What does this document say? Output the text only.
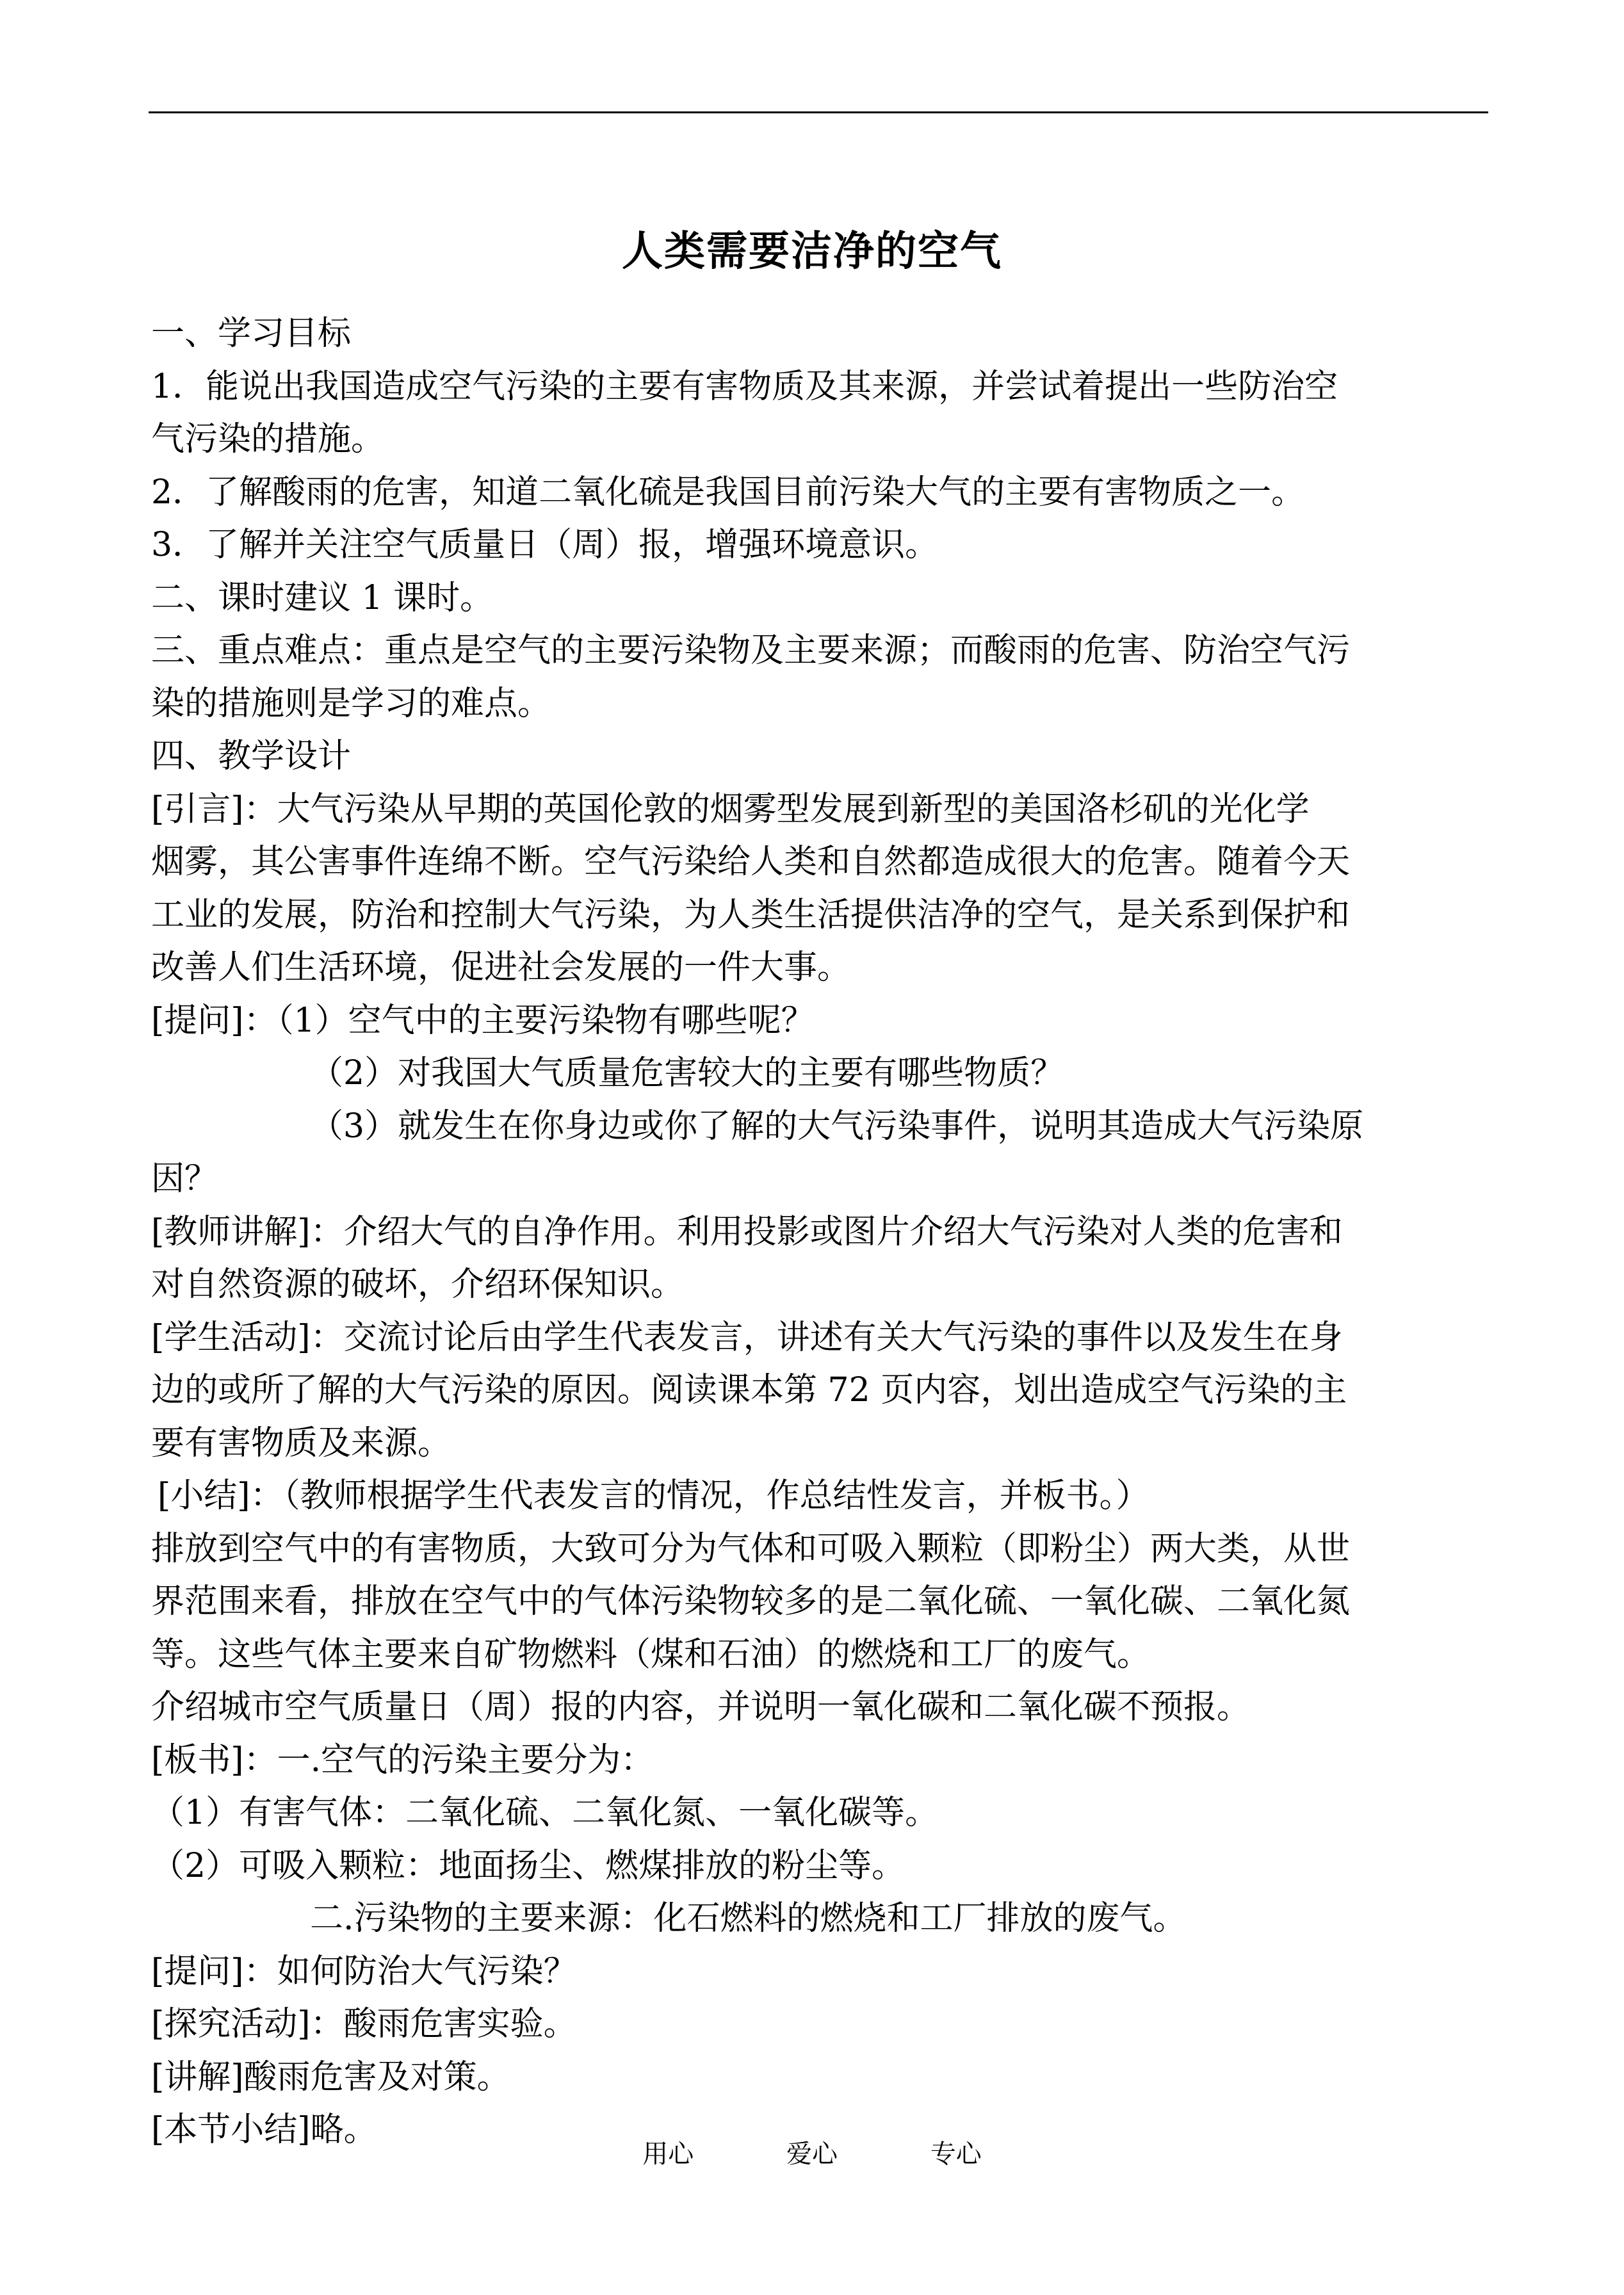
人类需要洁净的空气

一、学习目标

1．能说出我国造成空气污染的主要有害物质及其来源，并尝试着提出一些防治空

气污染的措施。

2．了解酸雨的危害，知道二氧化硫是我国目前污染大气的主要有害物质之一。

3．了解并关注空气质量日（周）报，增强环境意识。

二、课时建议 1 课时。

三、重点难点：重点是空气的主要污染物及主要来源；而酸雨的危害、防治空气污

染的措施则是学习的难点。

四、教学设计

[引言]：大气污染从早期的英国伦敦的烟雾型发展到新型的美国洛杉矶的光化学

烟雾，其公害事件连绵不断。空气污染给人类和自然都造成很大的危害。随着今天

工业的发展，防治和控制大气污染，为人类生活提供洁净的空气，是关系到保护和

改善人们生活环境，促进社会发展的一件大事。

[提问]：（1）空气中的主要污染物有哪些呢？

（2）对我国大气质量危害较大的主要有哪些物质？

（3）就发生在你身边或你了解的大气污染事件，说明其造成大气污染原

因？

[教师讲解]：介绍大气的自净作用。利用投影或图片介绍大气污染对人类的危害和

对自然资源的破坏，介绍环保知识。

[学生活动]：交流讨论后由学生代表发言，讲述有关大气污染的事件以及发生在身

边的或所了解的大气污染的原因。阅读课本第 72 页内容，划出造成空气污染的主

要有害物质及来源。

[小结]：（教师根据学生代表发言的情况，作总结性发言，并板书。）

排放到空气中的有害物质，大致可分为气体和可吸入颗粒（即粉尘）两大类，从世

界范围来看，排放在空气中的气体污染物较多的是二氧化硫、一氧化碳、二氧化氮

等。这些气体主要来自矿物燃料（煤和石油）的燃烧和工厂的废气。

介绍城市空气质量日（周）报的内容，并说明一氧化碳和二氧化碳不预报。

[板书]：一.空气的污染主要分为：

（1）有害气体：二氧化硫、二氧化氮、一氧化碳等。

（2）可吸入颗粒：地面扬尘、燃煤排放的粉尘等。

二.污染物的主要来源：化石燃料的燃烧和工厂排放的废气。

[提问]：如何防治大气污染？

[探究活动]：酸雨危害实验。

[讲解]酸雨危害及对策。

[本节小结]略。

用心	爱心	专心
